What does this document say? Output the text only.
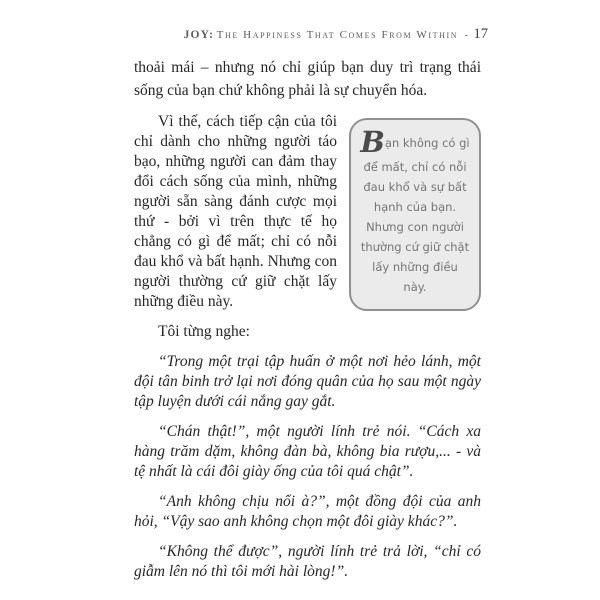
JOY: The Happiness That Comes From Within - 17

thoải mái – nhưng nó chỉ giúp bạn duy trì trạng thái sống của bạn chứ không phải là sự chuyển hóa.

Bạn không có gì để mất, chỉ có nỗi đau khổ và sự bất hạnh của bạn. Nhưng con người thường cứ giữ chặt lấy những điều này.

Vì thế, cách tiếp cận của tôi chỉ dành cho những người táo bạo, những người can đảm thay đổi cách sống của mình, những người sẵn sàng đánh cược mọi thứ - bởi vì trên thực tế họ chẳng có gì để mất; chỉ có nỗi đau khổ và bất hạnh. Nhưng con người thường cứ giữ chặt lấy những điều này.

Tôi từng nghe:

“Trong một trại tập huấn ở một nơi hẻo lánh, một đội tân binh trở lại nơi đóng quân của họ sau một ngày tập luyện dưới cái nắng gay gắt.

“Chán thật!”, một người lính trẻ nói. “Cách xa hàng trăm dặm, không đàn bà, không bia rượu,... - và tệ nhất là cái đôi giày ống của tôi quá chật”.

“Anh không chịu nổi à?”, một đồng đội của anh hỏi, “Vậy sao anh không chọn một đôi giày khác?”.

“Không thể được”, người lính trẻ trả lời, “chỉ có giẫm lên nó thì tôi mới hài lòng!”.
